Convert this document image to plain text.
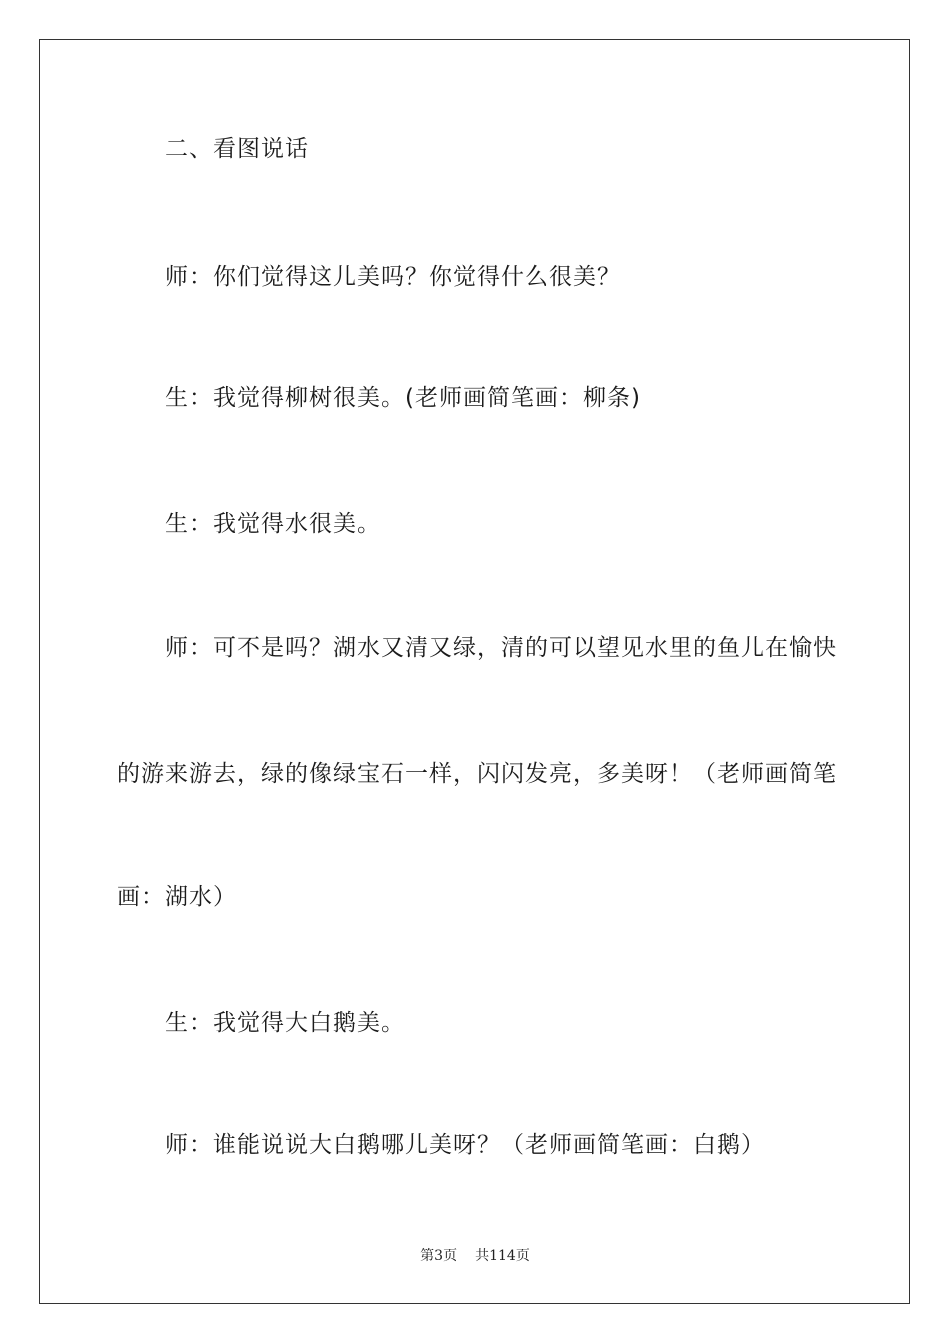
二、看图说话
师：你们觉得这儿美吗？你觉得什么很美？
生：我觉得柳树很美。(老师画简笔画：柳条)
生：我觉得水很美。
师：可不是吗？湖水又清又绿，清的可以望见水里的鱼儿在愉快
的游来游去，绿的像绿宝石一样，闪闪发亮，多美呀！（老师画简笔
画：湖水）
生：我觉得大白鹅美。
师：谁能说说大白鹅哪儿美呀？（老师画简笔画：白鹅）
第3页 共114页
